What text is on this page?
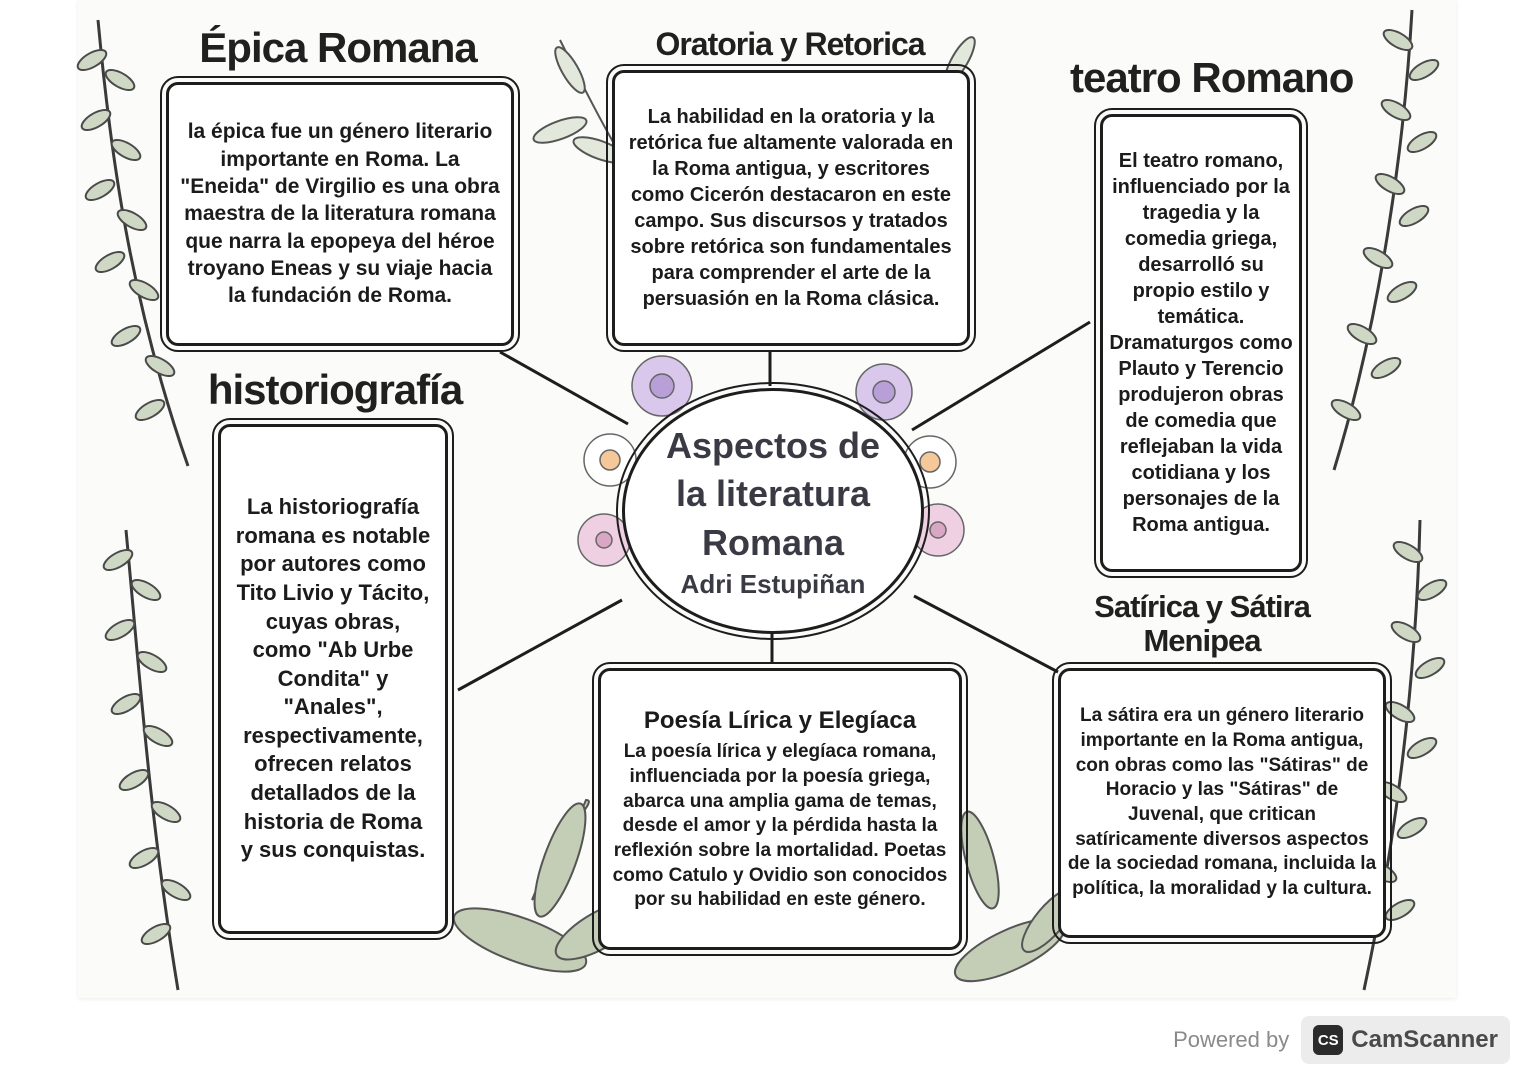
Épica Romana	Oratoria y Retorica
teatro Romano
historiografía
Satírica y Sátira Menipea

la épica fue un género literario importante en Roma. La "Eneida" de Virgilio es una obra maestra de la literatura romana que narra la epopeya del héroe troyano Eneas y su viaje hacia la fundación de Roma.

La habilidad en la oratoria y la retórica fue altamente valorada en la Roma antigua, y escritores como Cicerón destacaron en este campo. Sus discursos y tratados sobre retórica son fundamentales para comprender el arte de la persuasión en la Roma clásica.

El teatro romano, influenciado por la tragedia y la comedia griega, desarrolló su propio estilo y temática. Dramaturgos como Plauto y Terencio produjeron obras de comedia que reflejaban la vida cotidiana y los personajes de la Roma antigua.

La historiografía romana es notable por autores como Tito Livio y Tácito, cuyas obras, como "Ab Urbe Condita" y "Anales", respectivamente, ofrecen relatos detallados de la historia de Roma y sus conquistas.

Poesía Lírica y Elegíaca

La poesía lírica y elegíaca romana, influenciada por la poesía griega, abarca una amplia gama de temas, desde el amor y la pérdida hasta la reflexión sobre la mortalidad. Poetas como Catulo y Ovidio son conocidos por su habilidad en este género.

La sátira era un género literario importante en la Roma antigua, con obras como las "Sátiras" de Horacio y las "Sátiras" de Juvenal, que critican satíricamente diversos aspectos de la sociedad romana, incluida la política, la moralidad y la cultura.

Aspectos de la literatura Romana
Adri Estupiñan
Powered by	CS CamScanner
